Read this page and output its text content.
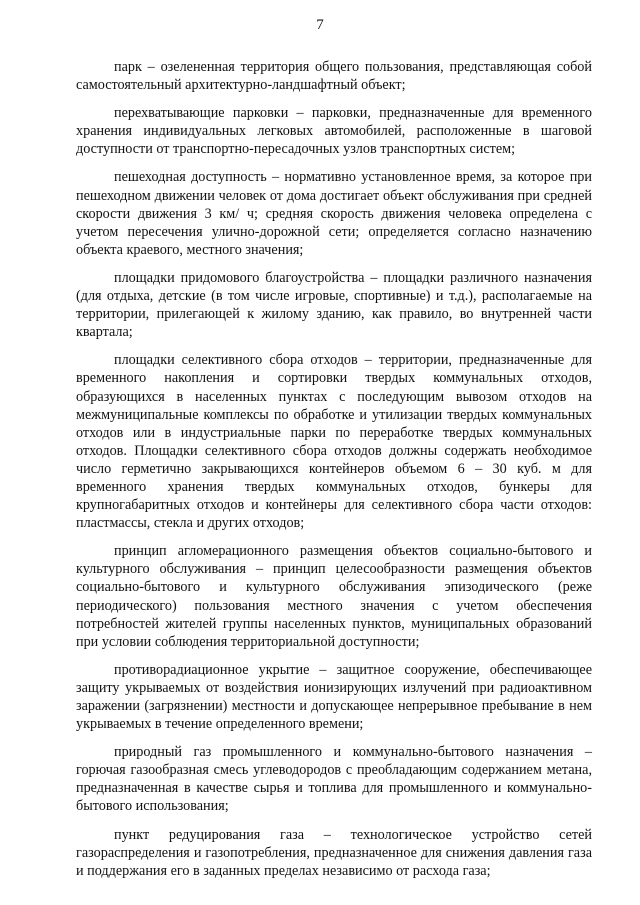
7

парк – озелененная территория общего пользования, представляющая собой самостоятельный архитектурно-ландшафтный объект;

перехватывающие парковки – парковки, предназначенные для временного хранения индивидуальных легковых автомобилей, расположенные в шаговой доступности от транспортно-пересадочных узлов транспортных систем;

пешеходная доступность – нормативно установленное время, за которое при пешеходном движении человек от дома достигает объект обслуживания при средней скорости движения 3 км/ ч; средняя скорость движения человека определена с учетом пересечения улично-дорожной сети; определяется согласно назначению объекта краевого, местного значения;

площадки придомового благоустройства – площадки различного назначения (для отдыха, детские (в том числе игровые, спортивные) и т.д.), располагаемые на территории, прилегающей к жилому зданию, как правило, во внутренней части квартала;

площадки селективного сбора отходов – территории, предназначенные для временного накопления и сортировки твердых коммунальных отходов, образующихся в населенных пунктах с последующим вывозом отходов на межмуниципальные комплексы по обработке и утилизации твердых коммунальных отходов или в индустриальные парки по переработке твердых коммунальных отходов. Площадки селективного сбора отходов должны содержать необходимое число герметично закрывающихся контейнеров объемом 6 – 30 куб. м для временного хранения твердых коммунальных отходов, бункеры для крупногабаритных отходов и контейнеры для селективного сбора части отходов: пластмассы, стекла и других отходов;

принцип агломерационного размещения объектов социально-бытового и культурного обслуживания – принцип целесообразности размещения объектов социально-бытового и культурного обслуживания эпизодического (реже периодического) пользования местного значения с учетом обеспечения потребностей жителей группы населенных пунктов, муниципальных образований при условии соблюдения территориальной доступности;

противорадиационное укрытие – защитное сооружение, обеспечивающее защиту укрываемых от воздействия ионизирующих излучений при радиоактивном заражении (загрязнении) местности и допускающее непрерывное пребывание в нем укрываемых в течение определенного времени;

природный газ промышленного и коммунально-бытового назначения – горючая газообразная смесь углеводородов с преобладающим содержанием метана, предназначенная в качестве сырья и топлива для промышленного и коммунально-бытового использования;

пункт редуцирования газа – технологическое устройство сетей газораспределения и газопотребления, предназначенное для снижения давления газа и поддержания его в заданных пределах независимо от расхода газа;
